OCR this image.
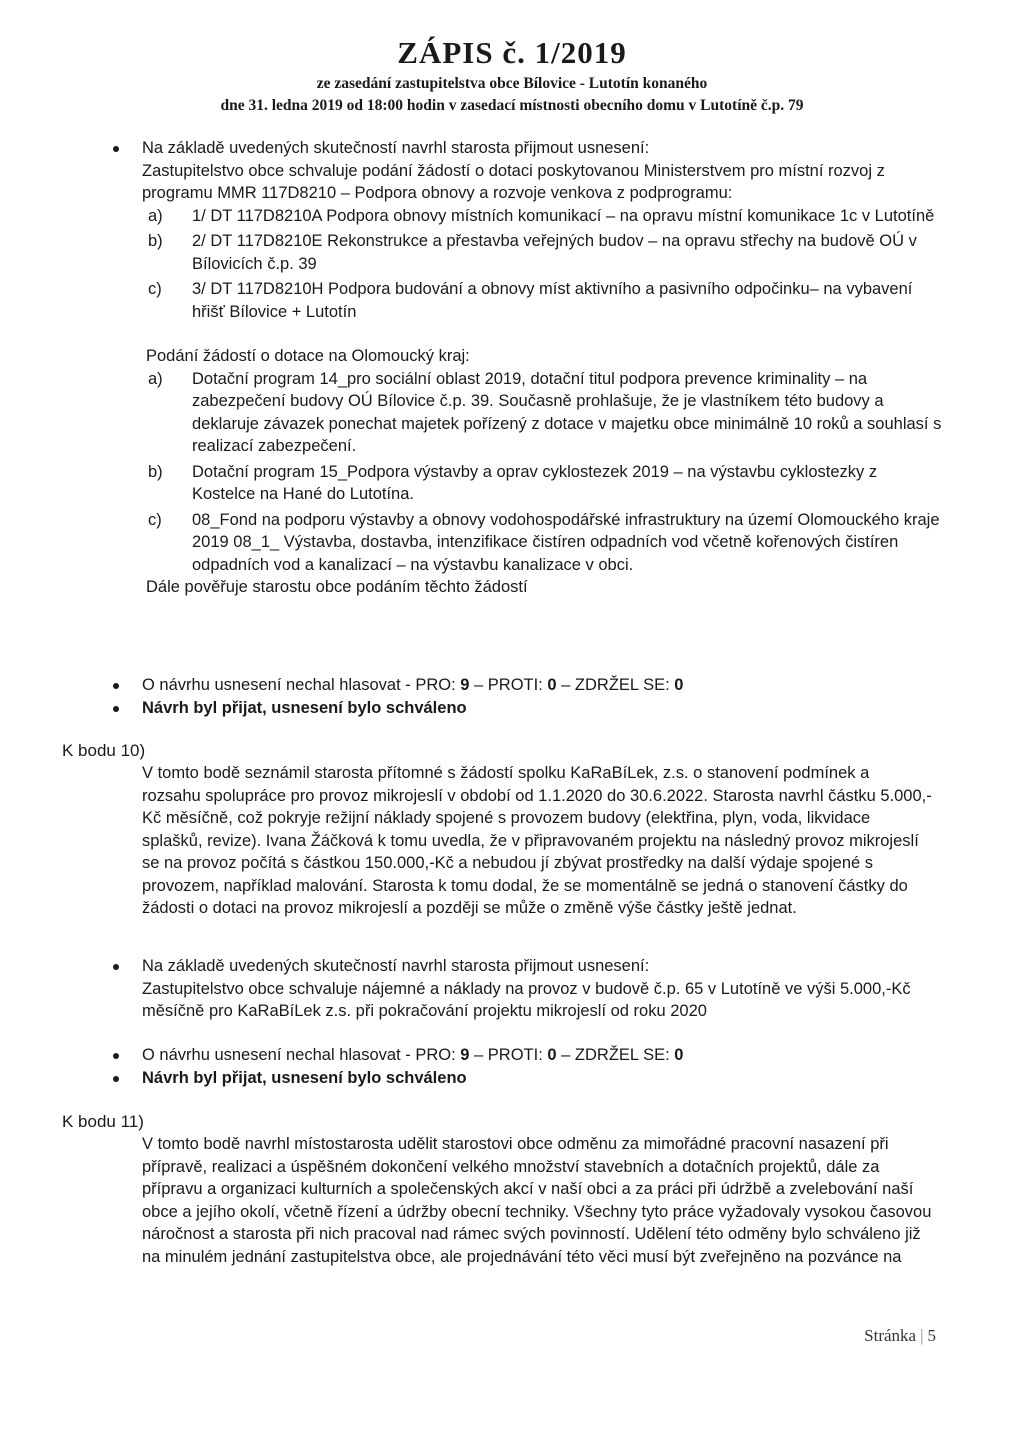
ZÁPIS č. 1/2019
ze zasedání zastupitelstva obce Bílovice - Lutotín konaného
dne 31. ledna 2019 od 18:00 hodin v zasedací místnosti obecního domu v Lutotíně č.p. 79
Na základě uvedených skutečností navrhl starosta přijmout usnesení:
Zastupitelstvo obce schvaluje podání žádostí o dotaci poskytovanou Ministerstvem pro místní rozvoj z programu MMR 117D8210 – Podpora obnovy a rozvoje venkova z podprogramu:
a) 1/ DT 117D8210A Podpora obnovy místních komunikací – na opravu místní komunikace 1c v Lutotíně
b) 2/ DT 117D8210E Rekonstrukce a přestavba veřejných budov – na opravu střechy na budově OÚ v Bílovicích č.p. 39
c) 3/ DT 117D8210H Podpora budování a obnovy míst aktivního a pasivního odpočinku– na vybavení hřišť Bílovice + Lutotín
Podání žádostí o dotace na Olomoucký kraj:
a) Dotační program 14_pro sociální oblast 2019, dotační titul podpora prevence kriminality – na zabezpečení budovy OÚ Bílovice č.p. 39. Současně prohlašuje, že je vlastníkem této budovy a deklaruje závazek ponechat majetek pořízený z dotace v majetku obce minimálně 10 roků a souhlasí s realizací zabezpečení.
b) Dotační program 15_Podpora výstavby a oprav cyklostezek 2019 – na výstavbu cyklostezky z Kostelce na Hané do Lutotína.
c) 08_Fond na podporu výstavby a obnovy vodohospodářské infrastruktury na území Olomouckého kraje 2019 08_1_ Výstavba, dostavba, intenzifikace čistíren odpadních vod včetně kořenových čistíren odpadních vod a kanalizací – na výstavbu kanalizace v obci.
Dále pověřuje starostu obce podáním těchto žádostí
O návrhu usnesení nechal hlasovat - PRO: 9 – PROTI: 0 – ZDRŽEL SE: 0
Návrh byl přijat, usnesení bylo schváleno
K bodu 10)
V tomto bodě seznámil starosta přítomné s žádostí spolku KaRaBíLek, z.s. o stanovení podmínek a rozsahu spolupráce pro provoz mikrojeslí v období od 1.1.2020 do 30.6.2022. Starosta navrhl částku 5.000,-Kč měsíčně, což pokryje režijní náklady spojené s provozem budovy (elektřina, plyn, voda, likvidace splašků, revize). Ivana Žáčková k tomu uvedla, že v připravovaném projektu na následný provoz mikrojeslí se na provoz počítá s částkou 150.000,-Kč a nebudou jí zbývat prostředky na další výdaje spojené s provozem, například malování. Starosta k tomu dodal, že se momentálně se jedná o stanovení částky do žádosti o dotaci na provoz mikrojeslí a později se může o změně výše částky ještě jednat.
Na základě uvedených skutečností navrhl starosta přijmout usnesení:
Zastupitelstvo obce schvaluje nájemné a náklady na provoz v budově č.p. 65 v Lutotíně ve výši 5.000,-Kč měsíčně pro KaRaBíLek z.s. při pokračování projektu mikrojeslí od roku 2020
O návrhu usnesení nechal hlasovat - PRO: 9 – PROTI: 0 – ZDRŽEL SE: 0
Návrh byl přijat, usnesení bylo schváleno
K bodu 11)
V tomto bodě navrhl místostarosta udělit starostovi obce odměnu za mimořádné pracovní nasazení při přípravě, realizaci a úspěšném dokončení velkého množství stavebních a dotačních projektů, dále za přípravu a organizaci kulturních a společenských akcí v naší obci a za práci při údržbě a zvelebování naší obce a jejího okolí, včetně řízení a údržby obecní techniky. Všechny tyto práce vyžadovaly vysokou časovou náročnost a starosta při nich pracoval nad rámec svých povinností. Udělení této odměny bylo schváleno již na minulém jednání zastupitelstva obce, ale projednávání této věci musí být zveřejněno na pozvánce na
Stránka | 5
